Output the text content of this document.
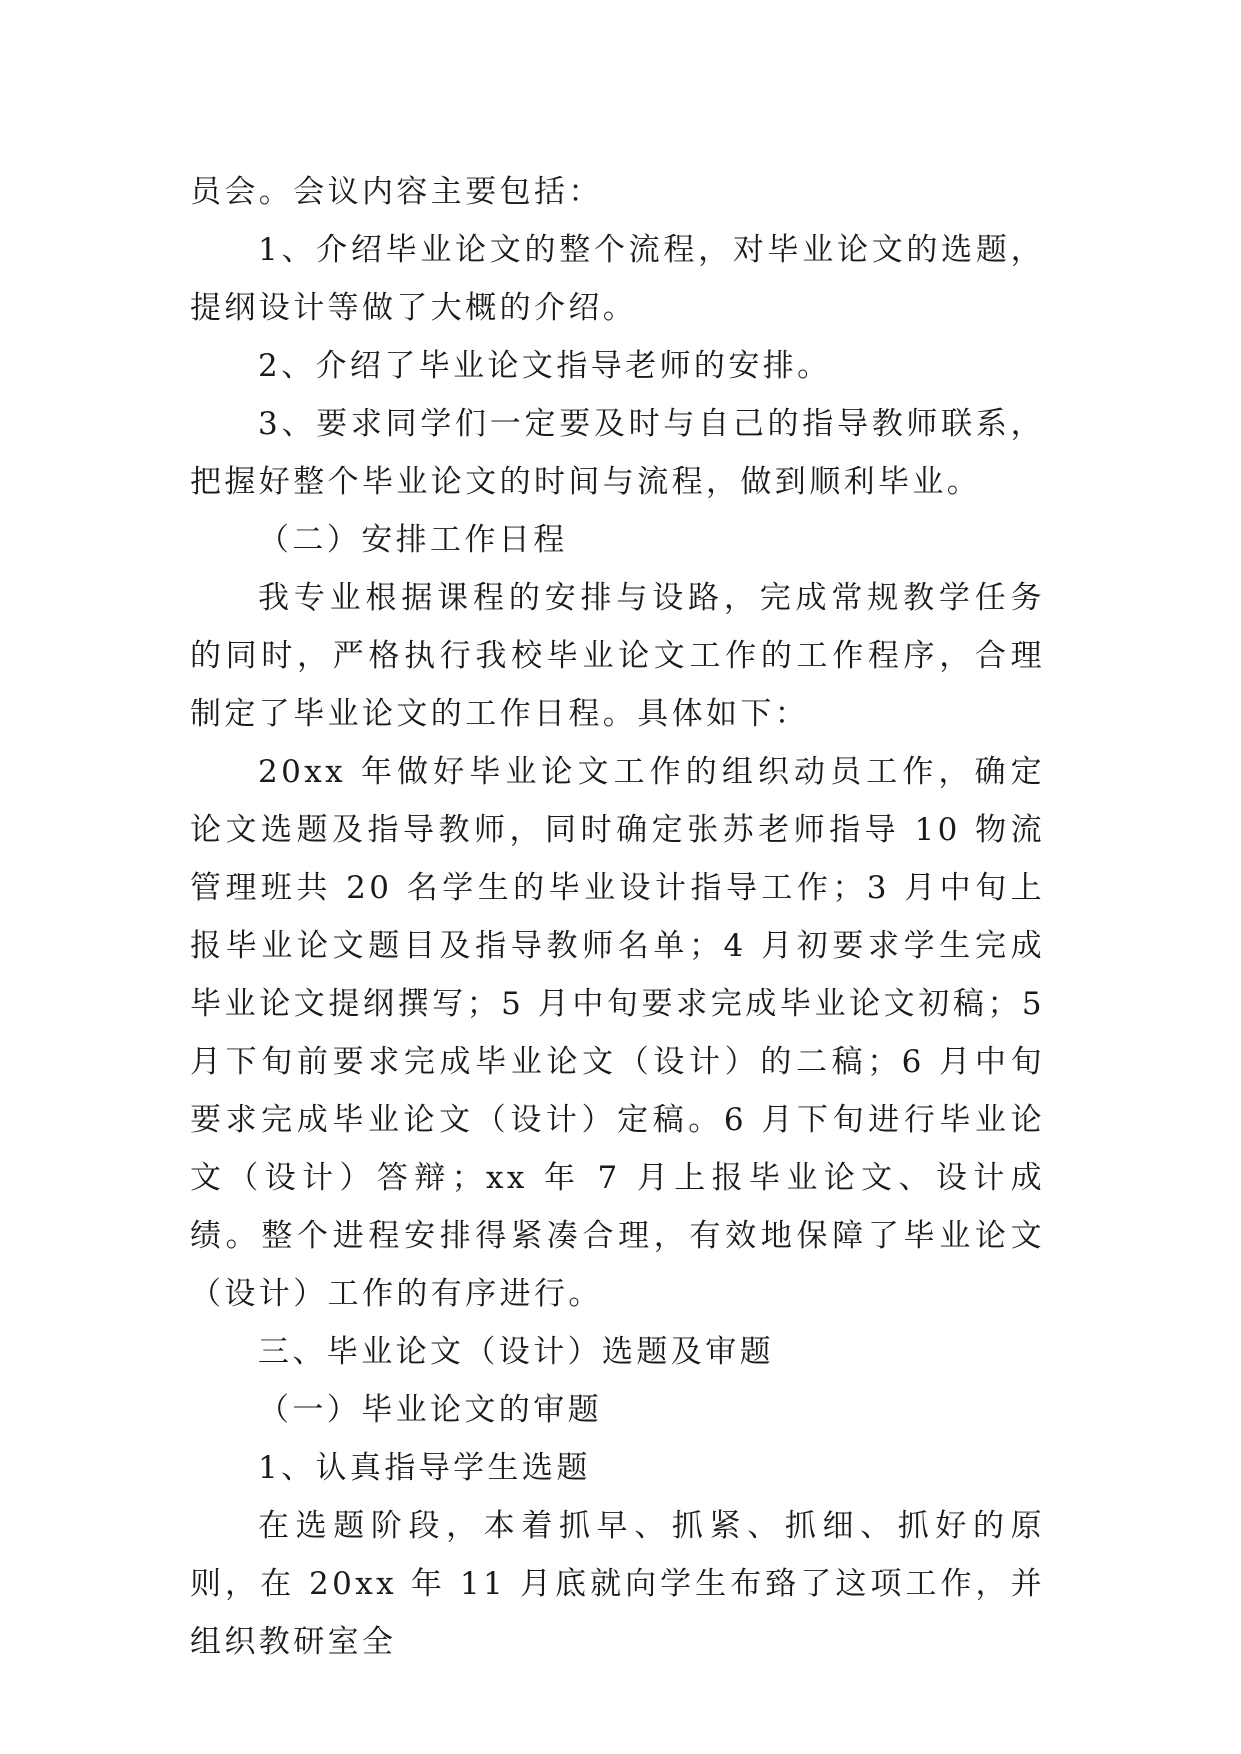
员会。会议内容主要包括：

1、介绍毕业论文的整个流程，对毕业论文的选题，提纲设计等做了大概的介绍。

2、介绍了毕业论文指导老师的安排。

3、要求同学们一定要及时与自己的指导教师联系，把握好整个毕业论文的时间与流程，做到顺利毕业。

（二）安排工作日程

我专业根据课程的安排与设路，完成常规教学任务的同时，严格执行我校毕业论文工作的工作程序，合理制定了毕业论文的工作日程。具体如下：

20xx 年做好毕业论文工作的组织动员工作，确定论文选题及指导教师，同时确定张苏老师指导 10 物流管理班共 20 名学生的毕业设计指导工作；3 月中旬上报毕业论文题目及指导教师名单；4 月初要求学生完成毕业论文提纲撰写；5 月中旬要求完成毕业论文初稿；5 月下旬前要求完成毕业论文（设计）的二稿；6 月中旬要求完成毕业论文（设计）定稿。6 月下旬进行毕业论文（设计）答辩；xx 年 7 月上报毕业论文、设计成绩。整个进程安排得紧凑合理，有效地保障了毕业论文（设计）工作的有序进行。

三、毕业论文（设计）选题及审题

（一）毕业论文的审题

1、认真指导学生选题

在选题阶段，本着抓早、抓紧、抓细、抓好的原则，在 20xx 年 11 月底就向学生布臵了这项工作，并组织教研室全
